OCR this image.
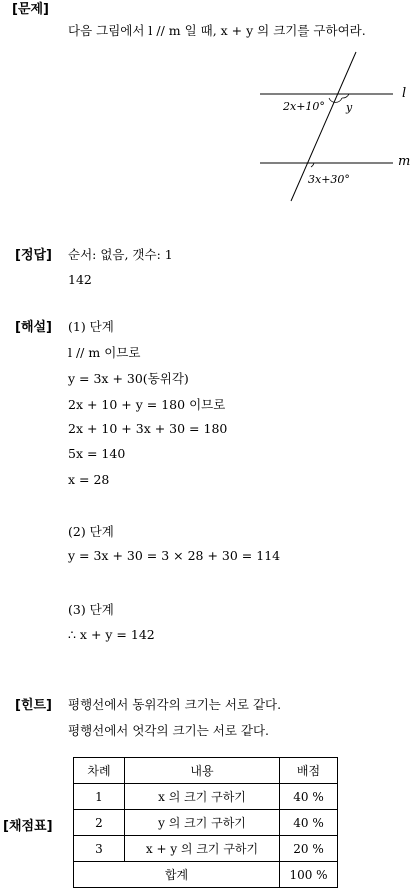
[문제]
다음 그림에서 l // m 일 때, x + y 의 크기를 구하여라.
l
m
2x+10° y
3x+30°
[정답] 순서: 없음, 갯수: 1
142
[해설] (1) 단계
l // m 이므로
y = 3x + 30(동위각)
2x + 10 + y = 180 이므로
2x + 10 + 3x + 30 = 180
5x = 140
x = 28
(2) 단계
y = 3x + 30 = 3 × 28 + 30 = 114
(3) 단계
∴ x + y = 142
[힌트] 평행선에서 동위각의 크기는 서로 같다.
평행선에서 엇각의 크기는 서로 같다.
[채점표]
차례	내용	배점
1	x 의 크기 구하기	40 %
2	y 의 크기 구하기	40 %
3	x + y 의 크기 구하기	20 %
합계		100 %
